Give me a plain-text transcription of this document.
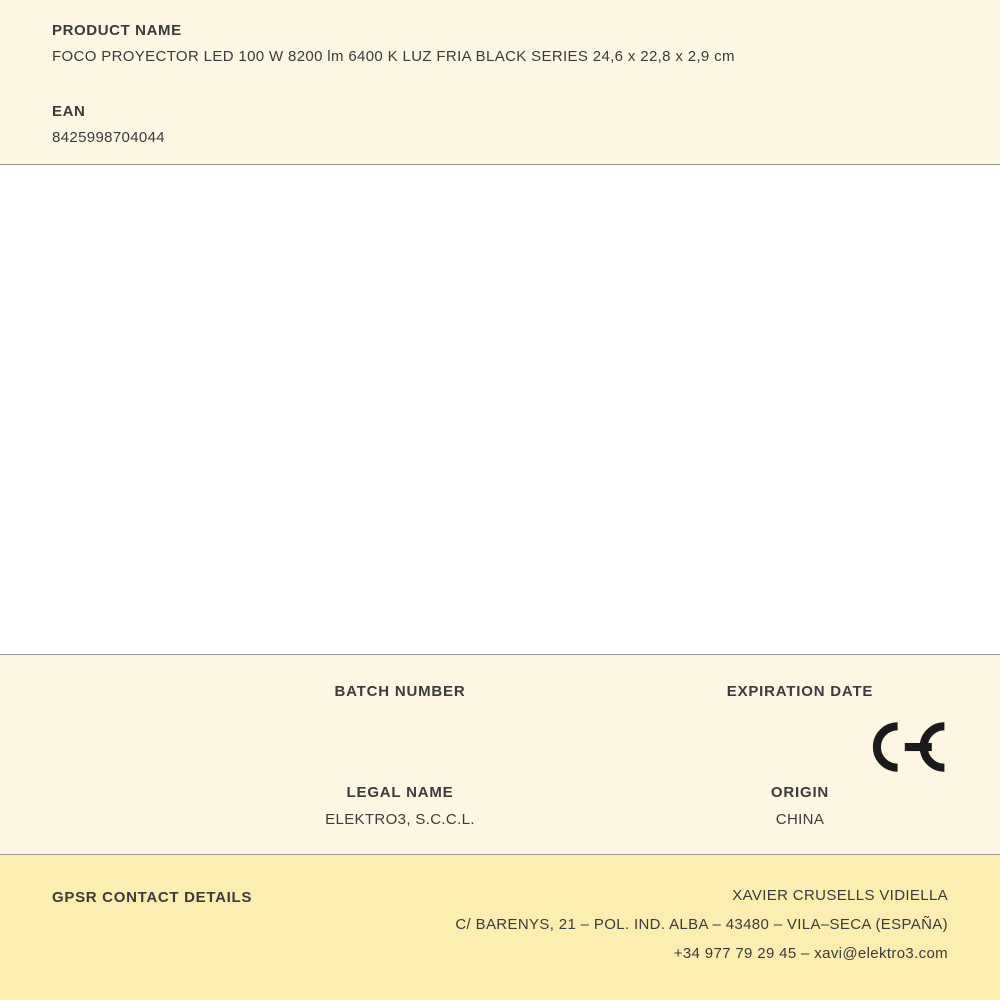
PRODUCT NAME

FOCO PROYECTOR LED 100 W 8200 lm 6400 K LUZ FRIA BLACK SERIES 24,6 x 22,8 x 2,9 cm

EAN

8425998704044

BATCH NUMBER	EXPIRATION DATE

LEGAL NAME

ELEKTRO3, S.C.C.L.

ORIGIN

CHINA

GPSR CONTACT DETAILS	XAVIER CRUSELLS VIDIELLA

C/ BARENYS, 21 – POL. IND. ALBA – 43480 – VILA–SECA (ESPAÑA)

+34 977 79 29 45 – xavi@elektro3.com
